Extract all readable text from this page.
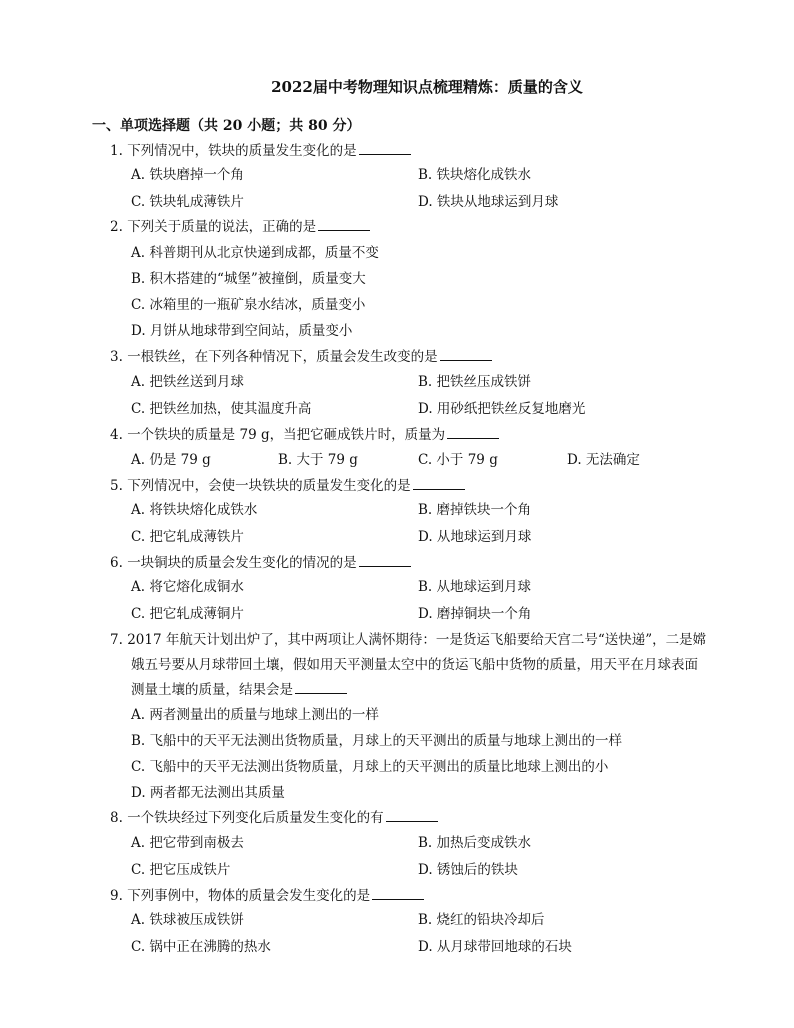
2022届中考物理知识点梳理精炼：质量的含义
一、单项选择题（共 20 小题；共 80 分）
1. 下列情况中，铁块的质量发生变化的是
A. 铁块磨掉一个角	B. 铁块熔化成铁水
C. 铁块轧成薄铁片	D. 铁块从地球运到月球
2. 下列关于质量的说法，正确的是
A. 科普期刊从北京快递到成都，质量不变
B. 积木搭建的“城堡”被撞倒，质量变大
C. 冰箱里的一瓶矿泉水结冰，质量变小
D. 月饼从地球带到空间站，质量变小
3. 一根铁丝，在下列各种情况下，质量会发生改变的是
A. 把铁丝送到月球	B. 把铁丝压成铁饼
C. 把铁丝加热，使其温度升高	D. 用砂纸把铁丝反复地磨光
4. 一个铁块的质量是 79 g，当把它砸成铁片时，质量为
A. 仍是 79 g	B. 大于 79 g	C. 小于 79 g	D. 无法确定
5. 下列情况中，会使一块铁块的质量发生变化的是
A. 将铁块熔化成铁水	B. 磨掉铁块一个角
C. 把它轧成薄铁片	D. 从地球运到月球
6. 一块铜块的质量会发生变化的情况的是
A. 将它熔化成铜水	B. 从地球运到月球
C. 把它轧成薄铜片	D. 磨掉铜块一个角
7. 2017 年航天计划出炉了，其中两项让人满怀期待：一是货运飞船要给天宫二号“送快递”，二是嫦
娥五号要从月球带回土壤，假如用天平测量太空中的货运飞船中货物的质量，用天平在月球表面
测量土壤的质量，结果会是
A. 两者测量出的质量与地球上测出的一样
B. 飞船中的天平无法测出货物质量，月球上的天平测出的质量与地球上测出的一样
C. 飞船中的天平无法测出货物质量，月球上的天平测出的质量比地球上测出的小
D. 两者都无法测出其质量
8. 一个铁块经过下列变化后质量发生变化的有
A. 把它带到南极去	B. 加热后变成铁水
C. 把它压成铁片	D. 锈蚀后的铁块
9. 下列事例中，物体的质量会发生变化的是
A. 铁球被压成铁饼	B. 烧红的铅块冷却后
C. 锅中正在沸腾的热水	D. 从月球带回地球的石块
